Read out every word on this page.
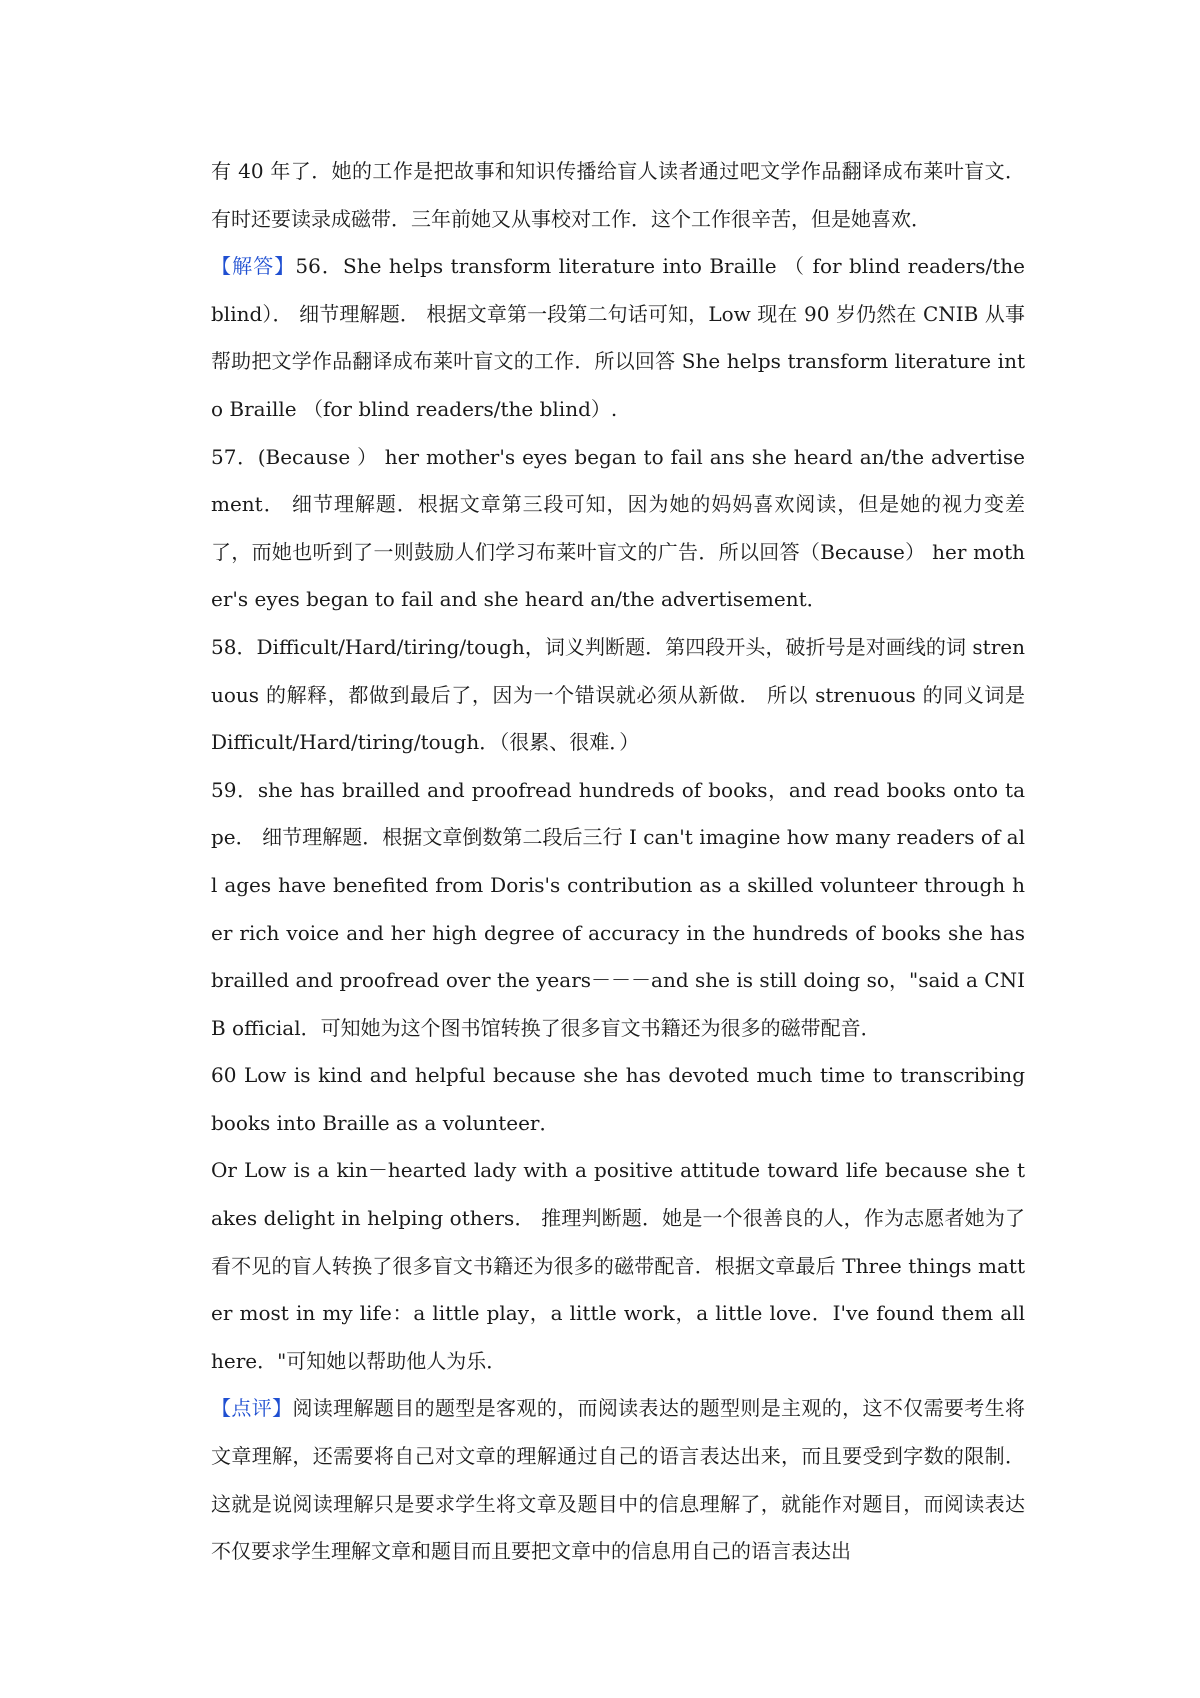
有 40 年了．她的工作是把故事和知识传播给盲人读者通过吧文学作品翻译成布莱叶盲文．有时还要读录成磁带．三年前她又从事校对工作．这个工作很辛苦，但是她喜欢．

【解答】56．She helps transform literature into Braille （ for blind readers/the blind）． 细节理解题． 根据文章第一段第二句话可知，Low 现在 90 岁仍然在 CNIB 从事帮助把文学作品翻译成布莱叶盲文的工作．所以回答 She helps transform literature into Braille （for blind readers/the blind）.

57．(Because ） her mother's eyes began to fail ans she heard an/the advertisement． 细节理解题．根据文章第三段可知，因为她的妈妈喜欢阅读，但是她的视力变差了，而她也听到了一则鼓励人们学习布莱叶盲文的广告．所以回答（Because） her mother's eyes began to fail and she heard an/the advertisement．

58．Difficult/Hard/tiring/tough，词义判断题．第四段开头，破折号是对画线的词 strenuous 的解释，都做到最后了，因为一个错误就必须从新做． 所以 strenuous 的同义词是 Difficult/Hard/tiring/tough．（很累、很难．）

59．she has brailled and proofread hundreds of books，and read books onto tape． 细节理解题．根据文章倒数第二段后三行 I can't imagine how many readers of all ages have benefited from Doris's contribution as a skilled volunteer through her rich voice and her high degree of accuracy in the hundreds of books she has brailled and proofread over the years－－－and she is still doing so，"said a CNIB official．可知她为这个图书馆转换了很多盲文书籍还为很多的磁带配音．

60 Low is kind and helpful because she has devoted much time to transcribing books into Braille as a volunteer．

Or Low is a kin－hearted lady with a positive attitude toward life because she takes delight in helping others． 推理判断题．她是一个很善良的人，作为志愿者她为了看不见的盲人转换了很多盲文书籍还为很多的磁带配音．根据文章最后 Three things matter most in my life：a little play，a little work，a little love．I've found them all here．"可知她以帮助他人为乐．

【点评】阅读理解题目的题型是客观的，而阅读表达的题型则是主观的，这不仅需要考生将文章理解，还需要将自己对文章的理解通过自己的语言表达出来，而且要受到字数的限制．这就是说阅读理解只是要求学生将文章及题目中的信息理解了，就能作对题目，而阅读表达不仅要求学生理解文章和题目而且要把文章中的信息用自己的语言表达出
